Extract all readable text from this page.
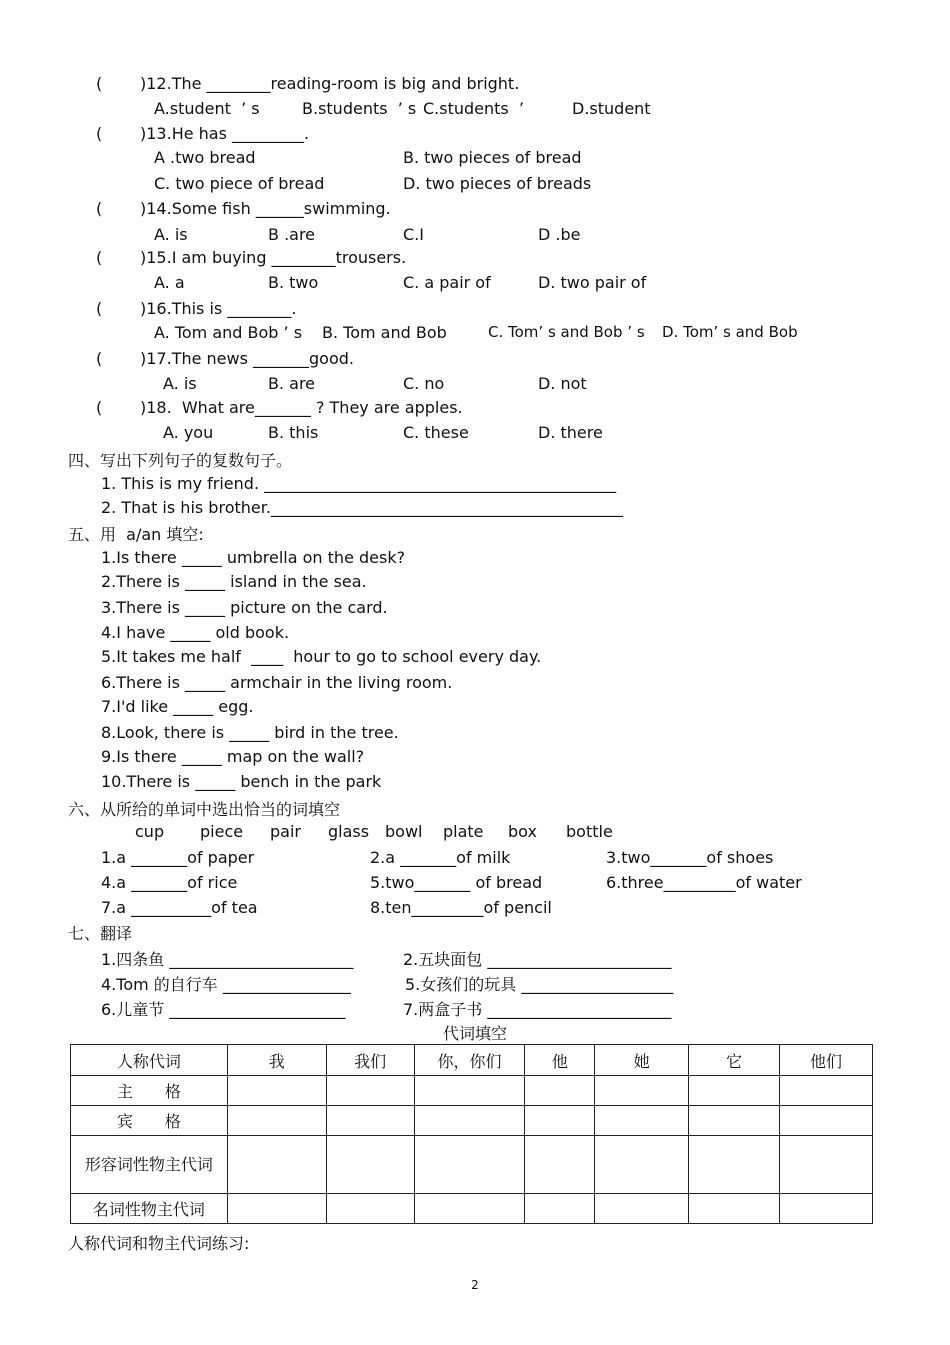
( )12.The ________reading-room is big and bright.
A.student  ’ s	B.students  ’ s C.students  ’	D.student
( )13.He has _________.
A .two bread	B. two pieces of bread
C. two piece of bread	D. two pieces of breads
( )14.Some fish ______swimming.
A. is	B .are	C.I	D .be
( )15.I am buying ________trousers.
A. a	B. two	C. a pair of	D. two pair of
( )16.This is ________.
A. Tom and Bob ’ s B. Tom and Bob	C. Tom’ s and Bob ’ s D. Tom’ s and Bob
( )17.The news _______good.
A. is	B. are	C. no	D. not
( )18.  What are_______ ? They are apples.
A. you	B. this	C. these	D. there
四、写出下列句子的复数句子。
1. This is my friend. ____________________________________________
2. That is his brother.____________________________________________
五、用  a/an 填空:
1.Is there _____ umbrella on the desk?
2.There is _____ island in the sea.
3.There is _____ picture on the card.
4.I have _____ old book.
5.It takes me half  ____  hour to go to school every day.
6.There is _____ armchair in the living room.
7.I'd like _____ egg.
8.Look, there is _____ bird in the tree.
9.Is there _____ map on the wall?
10.There is _____ bench in the park
六、从所给的单词中选出恰当的词填空
cup piece pair glass bowl plate box bottle
1.a _______of paper	2.a _______of milk	3.two_______of shoes
4.a _______of rice	5.two_______ of bread	6.three_________of water
7.a __________of tea	8.ten_________of pencil
七、翻译
1.四条鱼 _______________________	2.五块面包 _______________________
4.Tom 的自行车 ________________	5.女孩们的玩具 ___________________
6.儿童节 ______________________	7.两盒子书 _______________________
代词填空
人称代词	我	我们	你，你们	他	她	它	他们
主　　格							
宾　　格							
形容词性物主代词							
名词性物主代词							
人称代词和物主代词练习:
2
